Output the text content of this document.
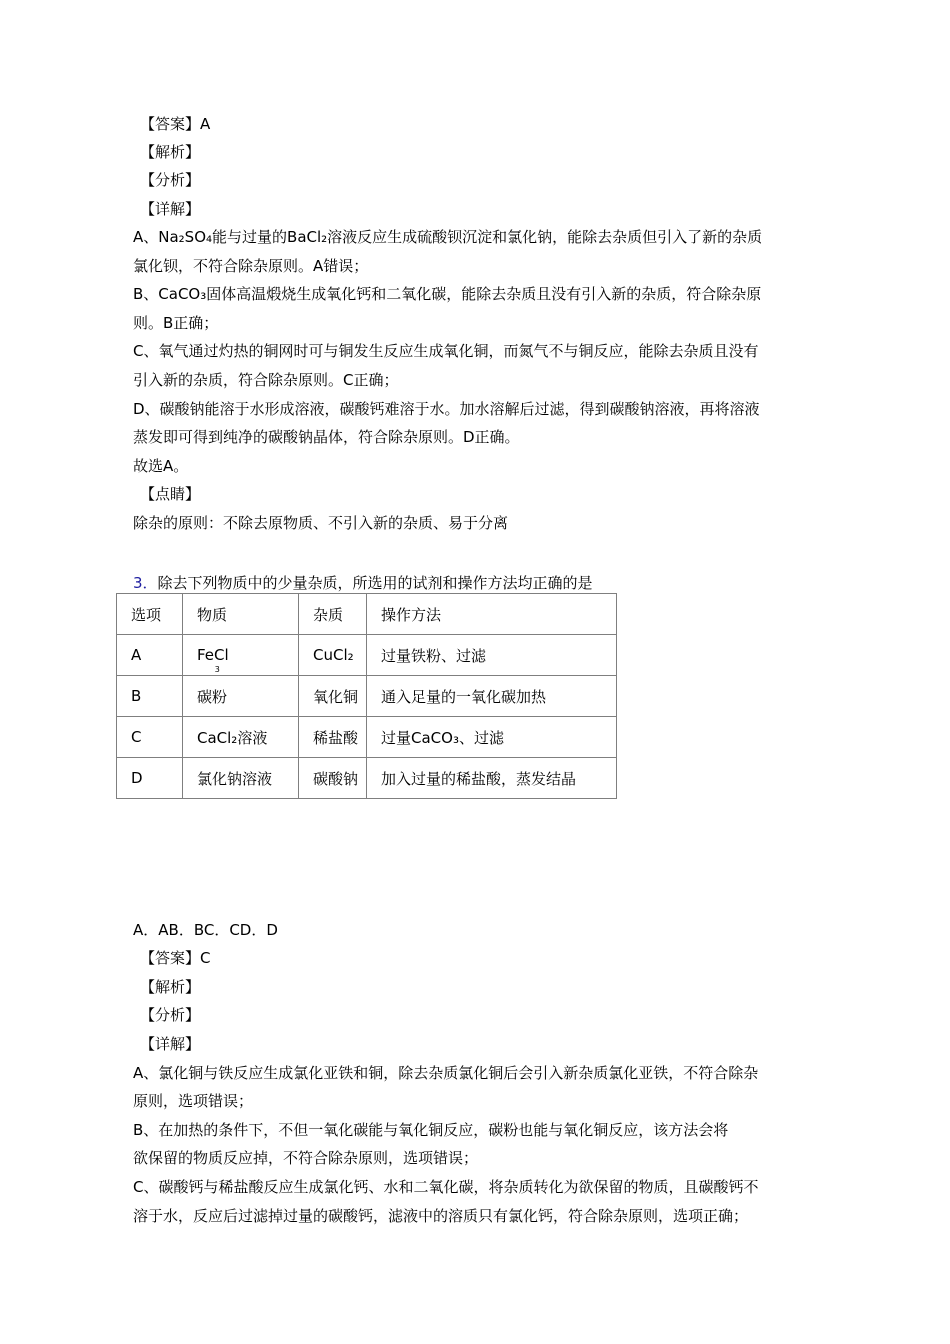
【答案】A
【解析】
【分析】
【详解】
A、Na₂SO₄能与过量的BaCl₂溶液反应生成硫酸钡沉淀和氯化钠，能除去杂质但引入了新的杂质
氯化钡，不符合除杂原则。A错误；
B、CaCO₃固体高温煅烧生成氧化钙和二氧化碳，能除去杂质且没有引入新的杂质，符合除杂原
则。B正确；
C、氧气通过灼热的铜网时可与铜发生反应生成氧化铜，而氮气不与铜反应，能除去杂质且没有
引入新的杂质，符合除杂原则。C正确；
D、碳酸钠能溶于水形成溶液，碳酸钙难溶于水。加水溶解后过滤，得到碳酸钠溶液，再将溶液
蒸发即可得到纯净的碳酸钠晶体，符合除杂原则。D正确。
故选A。
【点睛】
除杂的原则：不除去原物质、不引入新的杂质、易于分离
3．除去下列物质中的少量杂质，所选用的试剂和操作方法均正确的是
选项	物质	杂质	操作方法
A	FeCl$_3$	CuCl₂	过量铁粉、过滤
B	碳粉	氧化铜	通入足量的一氧化碳加热
C	CaCl₂溶液	稀盐酸	过量CaCO₃、过滤
D	氯化钠溶液	碳酸钠	加入过量的稀盐酸，蒸发结晶
A．AB．BC．CD．D
【答案】C
【解析】
【分析】
【详解】
A、氯化铜与铁反应生成氯化亚铁和铜，除去杂质氯化铜后会引入新杂质氯化亚铁，不符合除杂
原则，选项错误；
B、在加热的条件下，不但一氧化碳能与氧化铜反应，碳粉也能与氧化铜反应，该方法会将
欲保留的物质反应掉，不符合除杂原则，选项错误；
C、碳酸钙与稀盐酸反应生成氯化钙、水和二氧化碳，将杂质转化为欲保留的物质，且碳酸钙不
溶于水，反应后过滤掉过量的碳酸钙，滤液中的溶质只有氯化钙，符合除杂原则，选项正确；
